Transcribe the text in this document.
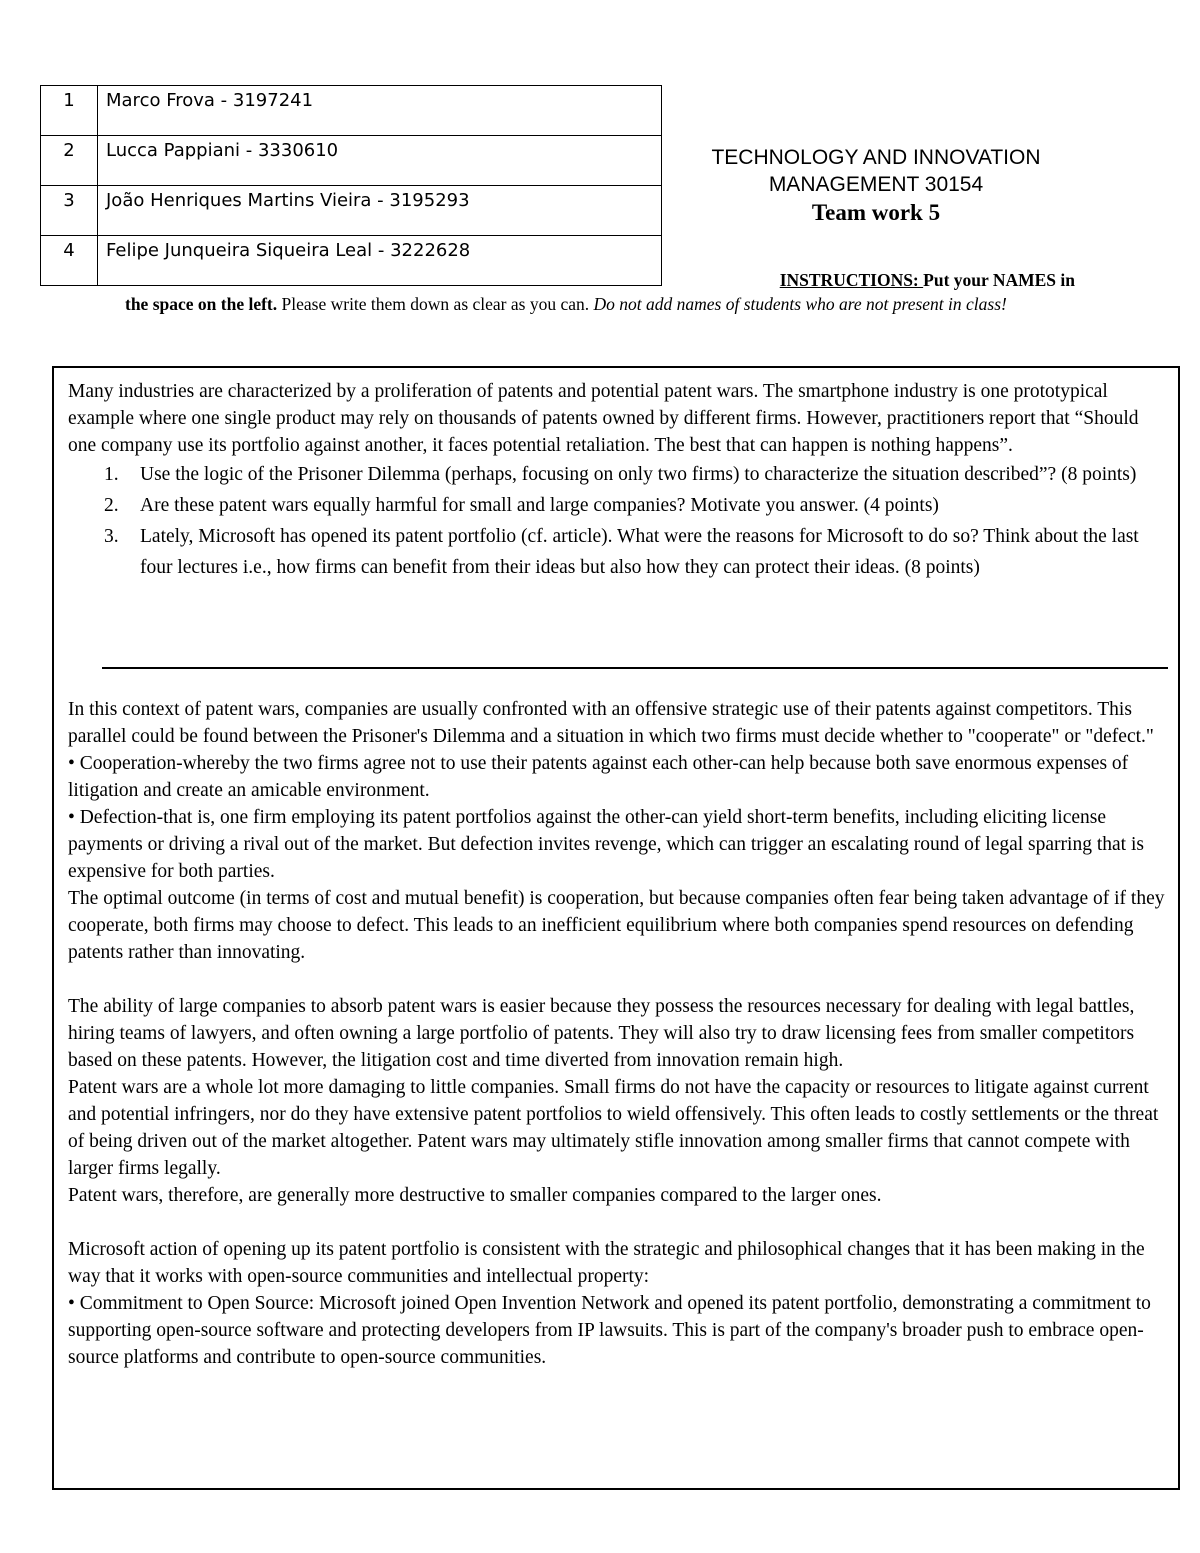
1	Marco Frova - 3197241
2	Lucca Pappiani - 3330610
3	João Henriques Martins Vieira - 3195293
4	Felipe Junqueira Siqueira Leal - 3222628
TECHNOLOGY AND INNOVATION
MANAGEMENT 30154
Team work 5
INSTRUCTIONS: Put your NAMES in
the space on the left. Please write them down as clear as you can. Do not add names of students who are not present in class!

Many industries are characterized by a proliferation of patents and potential patent wars. The smartphone industry is one prototypical example where one single product may rely on thousands of patents owned by different firms. However, practitioners report that “Should one company use its portfolio against another, it faces potential retaliation. The best that can happen is nothing happens”.

1. Use the logic of the Prisoner Dilemma (perhaps, focusing on only two firms) to characterize the situation described”? (8 points)
2. Are these patent wars equally harmful for small and large companies? Motivate you answer. (4 points)
3. Lately, Microsoft has opened its patent portfolio (cf. article). What were the reasons for Microsoft to do so? Think about the last four lectures i.e., how firms can benefit from their ideas but also how they can protect their ideas. (8 points)

In this context of patent wars, companies are usually confronted with an offensive strategic use of their patents against competitors. This parallel could be found between the Prisoner's Dilemma and a situation in which two firms must decide whether to "cooperate" or "defect."

• Cooperation-whereby the two firms agree not to use their patents against each other-can help because both save enormous expenses of litigation and create an amicable environment.

• Defection-that is, one firm employing its patent portfolios against the other-can yield short-term benefits, including eliciting license payments or driving a rival out of the market. But defection invites revenge, which can trigger an escalating round of legal sparring that is expensive for both parties.

The optimal outcome (in terms of cost and mutual benefit) is cooperation, but because companies often fear being taken advantage of if they cooperate, both firms may choose to defect. This leads to an inefficient equilibrium where both companies spend resources on defending patents rather than innovating.

The ability of large companies to absorb patent wars is easier because they possess the resources necessary for dealing with legal battles, hiring teams of lawyers, and often owning a large portfolio of patents. They will also try to draw licensing fees from smaller competitors based on these patents. However, the litigation cost and time diverted from innovation remain high.

Patent wars are a whole lot more damaging to little companies. Small firms do not have the capacity or resources to litigate against current and potential infringers, nor do they have extensive patent portfolios to wield offensively. This often leads to costly settlements or the threat of being driven out of the market altogether. Patent wars may ultimately stifle innovation among smaller firms that cannot compete with larger firms legally.

Patent wars, therefore, are generally more destructive to smaller companies compared to the larger ones.

Microsoft action of opening up its patent portfolio is consistent with the strategic and philosophical changes that it has been making in the way that it works with open-source communities and intellectual property:

• Commitment to Open Source: Microsoft joined Open Invention Network and opened its patent portfolio, demonstrating a commitment to supporting open-source software and protecting developers from IP lawsuits. This is part of the company's broader push to embrace open-source platforms and contribute to open-source communities.
